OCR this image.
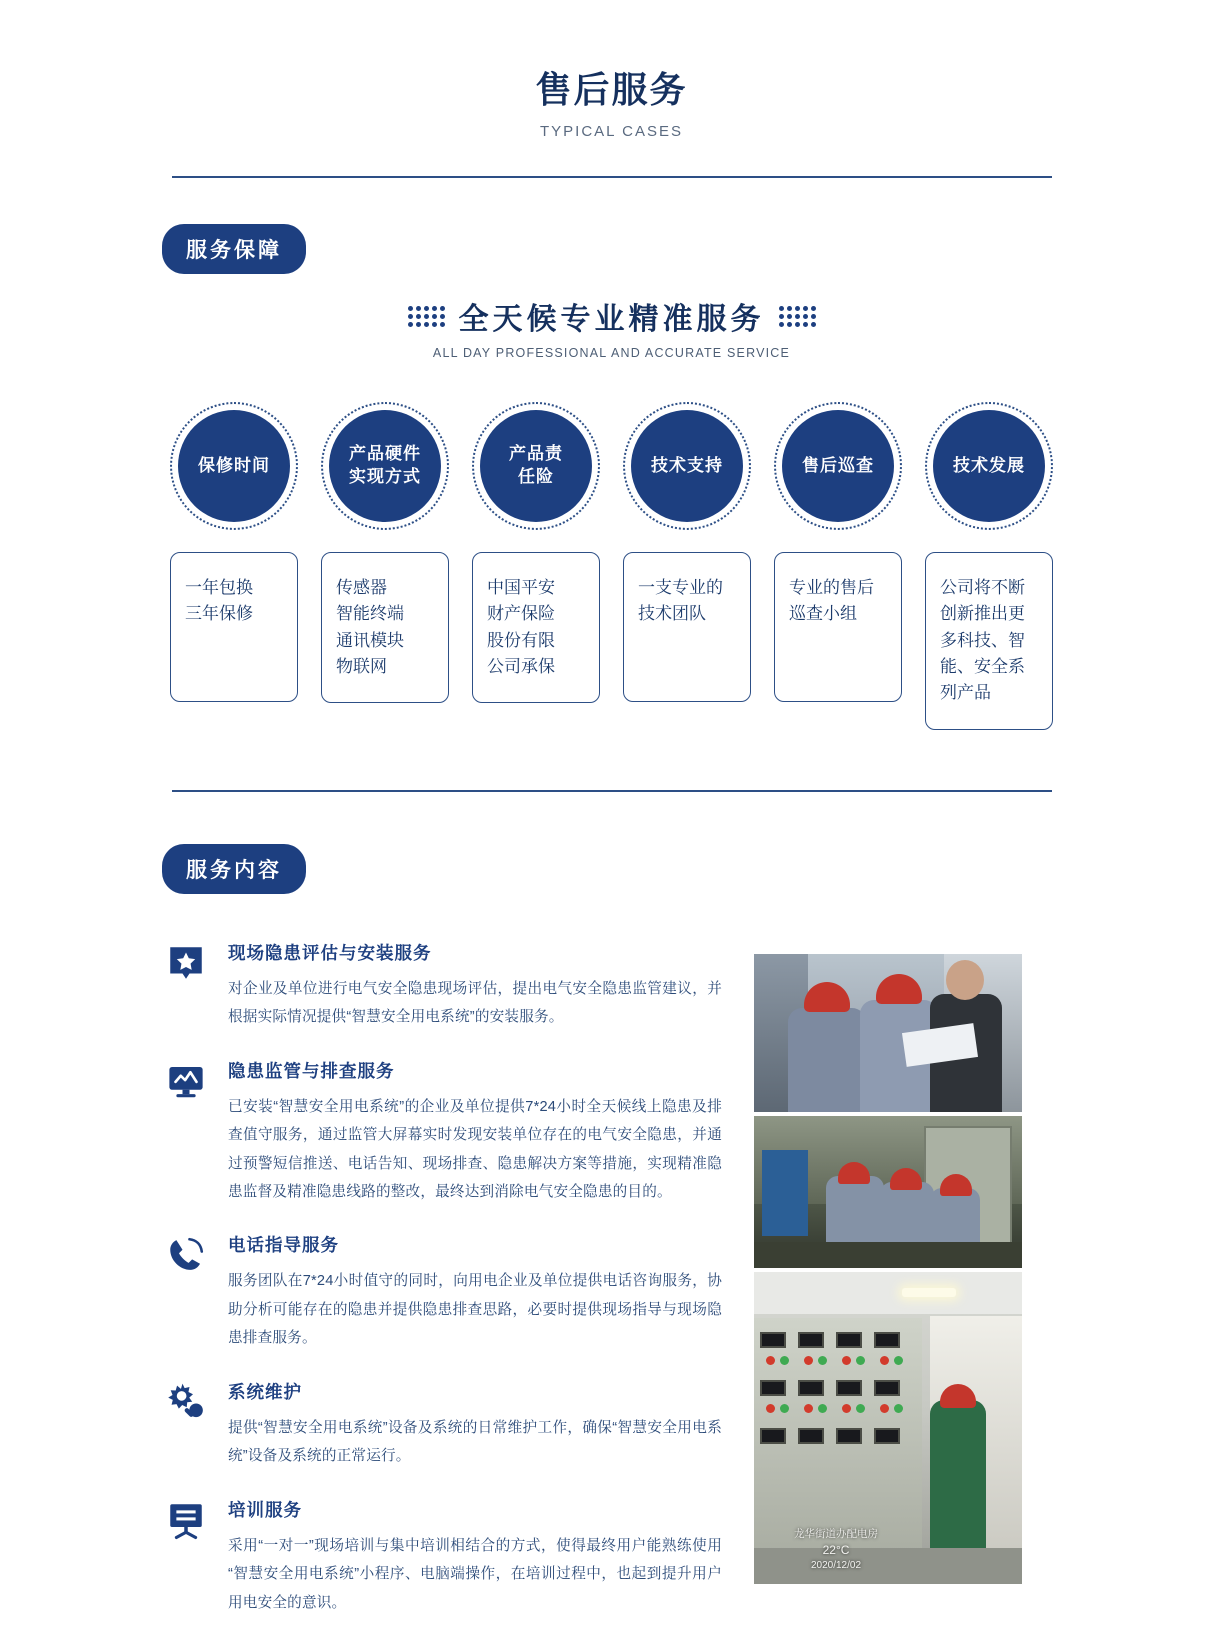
售后服务
TYPICAL CASES
服务保障
全天候专业精准服务
ALL DAY PROFESSIONAL AND ACCURATE SERVICE
保修时间
产品硬件
实现方式
产品责
任险
技术支持	售后巡查	技术发展
一年包换
三年保修
传感器
智能终端
通讯模块
物联网
中国平安
财产保险
股份有限
公司承保
一支专业的
技术团队
专业的售后
巡查小组
公司将不断
创新推出更
多科技、智
能、安全系
列产品
服务内容
现场隐患评估与安装服务
对企业及单位进行电气安全隐患现场评估，提出电气安全隐患监管建议，并根据实际情况提供“智慧安全用电系统”的安装服务。
隐患监管与排查服务
已安装“智慧安全用电系统”的企业及单位提供7*24小时全天候线上隐患及排查值守服务，通过监管大屏幕实时发现安装单位存在的电气安全隐患，并通过预警短信推送、电话告知、现场排查、隐患解决方案等措施，实现精准隐患监督及精准隐患线路的整改，最终达到消除电气安全隐患的目的。
电话指导服务
服务团队在7*24小时值守的同时，向用电企业及单位提供电话咨询服务，协助分析可能存在的隐患并提供隐患排查思路，必要时提供现场指导与现场隐患排查服务。
系统维护
提供“智慧安全用电系统”设备及系统的日常维护工作，确保“智慧安全用电系统”设备及系统的正常运行。
培训服务
采用“一对一”现场培训与集中培训相结合的方式，使得最终用户能熟练使用“智慧安全用电系统”小程序、电脑端操作，在培训过程中，也起到提升用户用电安全的意识。
龙华街道办配电房
22°C
2020/12/02
